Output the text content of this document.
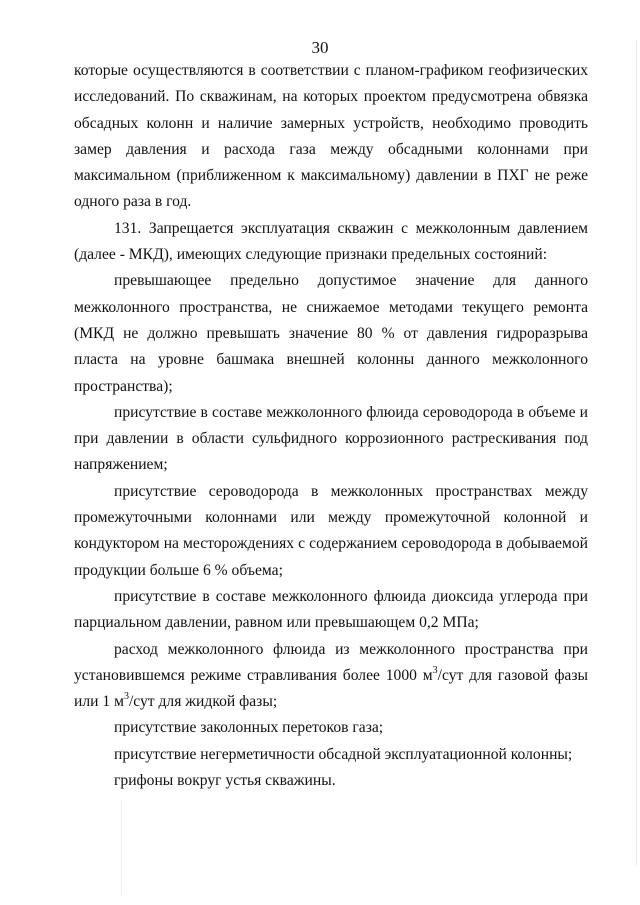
30

которые осуществляются в соответствии с планом-графиком геофизических исследований. По скважинам, на которых проектом предусмотрена обвязка обсадных колонн и наличие замерных устройств, необходимо проводить замер давления и расхода газа между обсадными колоннами при максимальном (приближенном к максимальному) давлении в ПХГ не реже одного раза в год.

131. Запрещается эксплуатация скважин с межколонным давлением (далее - МКД), имеющих следующие признаки предельных состояний:

превышающее предельно допустимое значение для данного межколонного пространства, не снижаемое методами текущего ремонта (МКД не должно превышать значение 80 % от давления гидроразрыва пласта на уровне башмака внешней колонны данного межколонного пространства);

присутствие в составе межколонного флюида сероводорода в объеме и при давлении в области сульфидного коррозионного растрескивания под напряжением;

присутствие сероводорода в межколонных пространствах между промежуточными колоннами или между промежуточной колонной и кондуктором на месторождениях с содержанием сероводорода в добываемой продукции больше 6 % объема;

присутствие в составе межколонного флюида диоксида углерода при парциальном давлении, равном или превышающем 0,2 МПа;

расход межколонного флюида из межколонного пространства при установившемся режиме стравливания более 1000 $м^3$/сут для газовой фазы или 1 $м^3$/сут для жидкой фазы;

присутствие заколонных перетоков газа;

присутствие негерметичности обсадной эксплуатационной колонны;

грифоны вокруг устья скважины.
